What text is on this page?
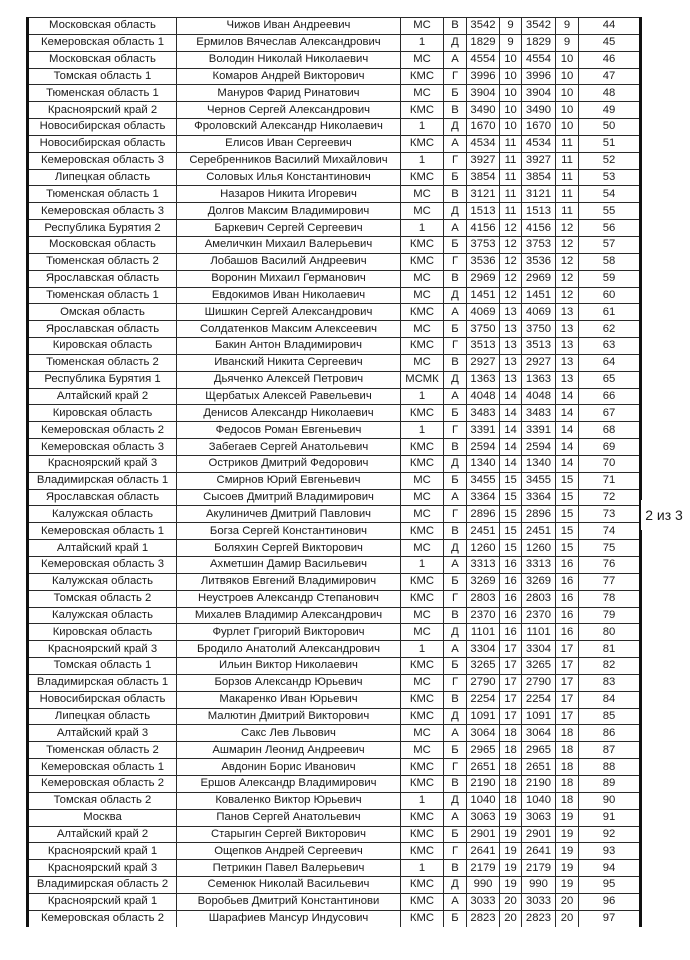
Московская область	Чижов Иван Андреевич	МС	В	3542	9	3542	9	44
Кемеровская область 1	Ермилов Вячеслав Александрович	1	Д	1829	9	1829	9	45
Московская область	Володин Николай Николаевич	МС	А	4554	10	4554	10	46
Томская область 1	Комаров Андрей Викторович	КМС	Г	3996	10	3996	10	47
Тюменская область 1	Мануров Фарид Ринатович	МС	Б	3904	10	3904	10	48
Красноярский край 2	Чернов Сергей Александрович	КМС	В	3490	10	3490	10	49
Новосибирская область	Фроловский Александр Николаевич	1	Д	1670	10	1670	10	50
Новосибирская область	Елисов Иван Сергеевич	КМС	А	4534	11	4534	11	51
Кемеровская область 3	Серебренников Василий Михайлович	1	Г	3927	11	3927	11	52
Липецкая область	Соловых Илья Константинович	КМС	Б	3854	11	3854	11	53
Тюменская область 1	Назаров Никита Игоревич	МС	В	3121	11	3121	11	54
Кемеровская область 3	Долгов Максим Владимирович	МС	Д	1513	11	1513	11	55
Республика Бурятия 2	Баркевич Сергей Сергеевич	1	А	4156	12	4156	12	56
Московская область	Амеличкин Михаил Валерьевич	КМС	Б	3753	12	3753	12	57
Тюменская область 2	Лобашов Василий Андреевич	КМС	Г	3536	12	3536	12	58
Ярославская область	Воронин Михаил Германович	МС	В	2969	12	2969	12	59
Тюменская область 1	Евдокимов Иван Николаевич	МС	Д	1451	12	1451	12	60
Омская область	Шишкин Сергей Александрович	КМС	А	4069	13	4069	13	61
Ярославская область	Солдатенков Максим Алексеевич	МС	Б	3750	13	3750	13	62
Кировская область	Бакин Антон Владимирович	КМС	Г	3513	13	3513	13	63
Тюменская область 2	Иванский Никита Сергеевич	МС	В	2927	13	2927	13	64
Республика Бурятия 1	Дьяченко Алексей Петрович	МСМК	Д	1363	13	1363	13	65
Алтайский край 2	Щербатых Алексей Равельевич	1	А	4048	14	4048	14	66
Кировская область	Денисов Александр Николаевич	КМС	Б	3483	14	3483	14	67
Кемеровская область 2	Федосов Роман Евгеньевич	1	Г	3391	14	3391	14	68
Кемеровская область 3	Забегаев Сергей Анатольевич	КМС	В	2594	14	2594	14	69
Красноярский край 3	Остриков Дмитрий Федорович	КМС	Д	1340	14	1340	14	70
Владимирская область 1	Смирнов Юрий Евгеньевич	МС	Б	3455	15	3455	15	71
Ярославская область	Сысоев Дмитрий Владимирович	МС	А	3364	15	3364	15	72
Калужская область	Акулиничев Дмитрий Павлович	МС	Г	2896	15	2896	15	73
Кемеровская область 1	Богза Сергей Константинович	КМС	В	2451	15	2451	15	74
Алтайский край 1	Боляхин Сергей Викторович	МС	Д	1260	15	1260	15	75
Кемеровская область 3	Ахметшин Дамир Васильевич	1	А	3313	16	3313	16	76
Калужская область	Литвяков Евгений Владимирович	КМС	Б	3269	16	3269	16	77
Томская область 2	Неустроев Александр Степанович	КМС	Г	2803	16	2803	16	78
Калужская область	Михалев Владимир Александрович	МС	В	2370	16	2370	16	79
Кировская область	Фурлет Григорий Викторович	МС	Д	1101	16	1101	16	80
Красноярский край 3	Бродило Анатолий Александрович	1	А	3304	17	3304	17	81
Томская область 1	Ильин Виктор Николаевич	КМС	Б	3265	17	3265	17	82
Владимирская область 1	Борзов Александр Юрьевич	МС	Г	2790	17	2790	17	83
Новосибирская область	Макаренко Иван Юрьевич	КМС	В	2254	17	2254	17	84
Липецкая область	Малютин Дмитрий Викторович	КМС	Д	1091	17	1091	17	85
Алтайский край 3	Сакс Лев Львович	МС	А	3064	18	3064	18	86
Тюменская область 2	Ашмарин Леонид Андреевич	МС	Б	2965	18	2965	18	87
Кемеровская область 1	Авдонин Борис Иванович	КМС	Г	2651	18	2651	18	88
Кемеровская область 2	Ершов Александр Владимирович	КМС	В	2190	18	2190	18	89
Томская область 2	Коваленко Виктор Юрьевич	1	Д	1040	18	1040	18	90
Москва	Панов Сергей Анатольевич	КМС	А	3063	19	3063	19	91
Алтайский край 2	Старыгин Сергей Викторович	КМС	Б	2901	19	2901	19	92
Красноярский край 1	Ощепков Андрей Сергеевич	КМС	Г	2641	19	2641	19	93
Красноярский край 3	Петрикин Павел Валерьевич	1	В	2179	19	2179	19	94
Владимирская область 2	Семенюк Николай Васильевич	КМС	Д	990	19	990	19	95
Красноярский край 1	Воробьев Дмитрий Константинови	КМС	А	3033	20	3033	20	96
Кемеровская область 2	Шарафиев Мансур Индусович	КМС	Б	2823	20	2823	20	97
2 из 3
